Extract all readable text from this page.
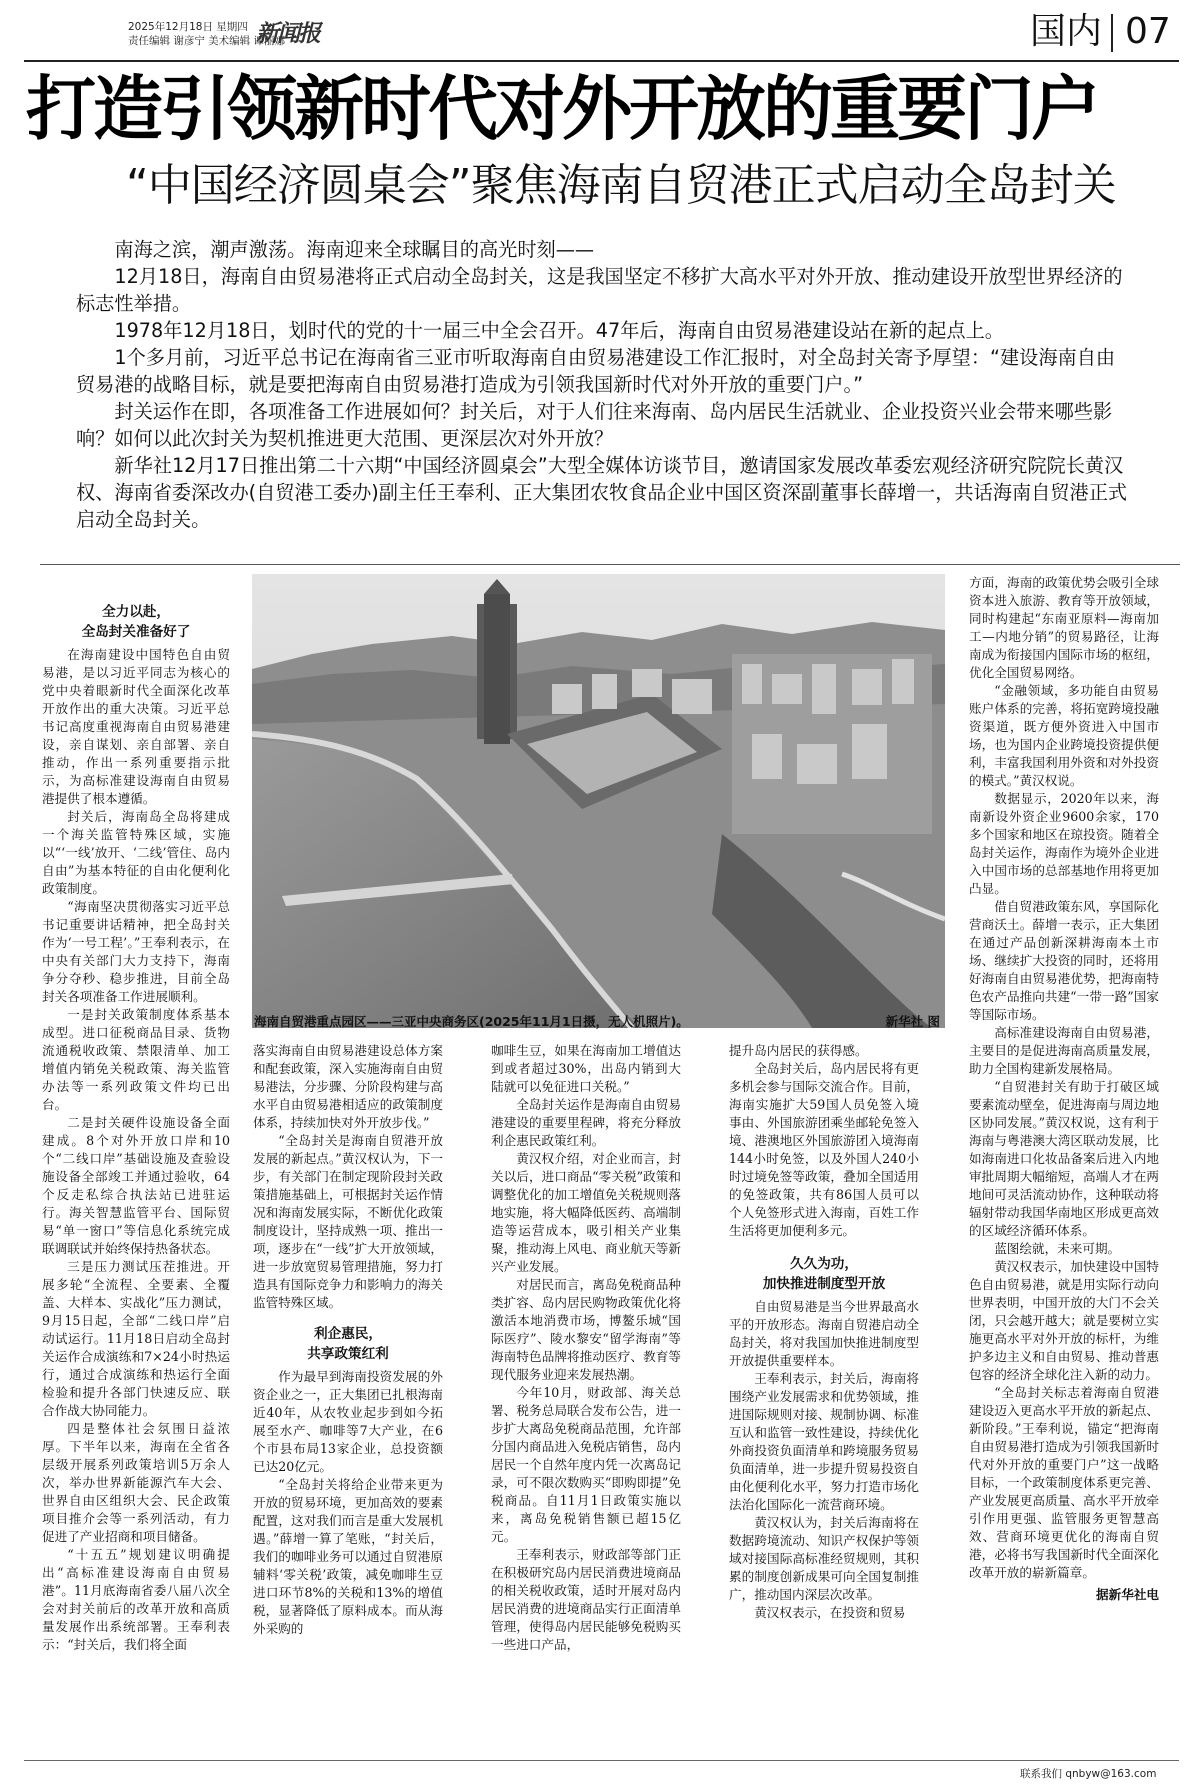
2025年12月18日 星期四
责任编辑 谢彦宁 美术编辑 谭丽娜
新闻报	国内 07
打造引领新时代对外开放的重要门户
“中国经济圆桌会”聚焦海南自贸港正式启动全岛封关

南海之滨，潮声激荡。海南迎来全球瞩目的高光时刻——

12月18日，海南自由贸易港将正式启动全岛封关，这是我国坚定不移扩大高水平对外开放、推动建设开放型世界经济的标志性举措。

1978年12月18日，划时代的党的十一届三中全会召开。47年后，海南自由贸易港建设站在新的起点上。

1个多月前，习近平总书记在海南省三亚市听取海南自由贸易港建设工作汇报时，对全岛封关寄予厚望：“建设海南自由贸易港的战略目标，就是要把海南自由贸易港打造成为引领我国新时代对外开放的重要门户。”

封关运作在即，各项准备工作进展如何？封关后，对于人们往来海南、岛内居民生活就业、企业投资兴业会带来哪些影响？如何以此次封关为契机推进更大范围、更深层次对外开放？

新华社12月17日推出第二十六期“中国经济圆桌会”大型全媒体访谈节目，邀请国家发展改革委宏观经济研究院院长黄汉权、海南省委深改办(自贸港工委办)副主任王奉利、正大集团农牧食品企业中国区资深副董事长薛增一，共话海南自贸港正式启动全岛封关。

海南自贸港重点园区——三亚中央商务区(2025年11月1日摄，无人机照片)。	新华社 图
全力以赴，
全岛封关准备好了

在海南建设中国特色自由贸易港，是以习近平同志为核心的党中央着眼新时代全面深化改革开放作出的重大决策。习近平总书记高度重视海南自由贸易港建设，亲自谋划、亲自部署、亲自推动，作出一系列重要指示批示，为高标准建设海南自由贸易港提供了根本遵循。

封关后，海南岛全岛将建成一个海关监管特殊区域，实施以“‘一线’放开、‘二线’管住、岛内自由”为基本特征的自由化便利化政策制度。

“海南坚决贯彻落实习近平总书记重要讲话精神，把全岛封关作为‘一号工程’。”王奉利表示，在中央有关部门大力支持下，海南争分夺秒、稳步推进，目前全岛封关各项准备工作进展顺利。

一是封关政策制度体系基本成型。进口征税商品目录、货物流通税收政策、禁限清单、加工增值内销免关税政策、海关监管办法等一系列政策文件均已出台。

二是封关硬件设施设备全面建成。8个对外开放口岸和10个“二线口岸”基础设施及查验设施设备全部竣工并通过验收，64个反走私综合执法站已进驻运行。海关智慧监管平台、国际贸易“单一窗口”等信息化系统完成联调联试并始终保持热备状态。

三是压力测试压茬推进。开展多轮“全流程、全要素、全覆盖、大样本、实战化”压力测试，9月15日起，全部“二线口岸”启动试运行。11月18日启动全岛封关运作合成演练和7×24小时热运行，通过合成演练和热运行全面检验和提升各部门快速反应、联合作战大协同能力。

四是整体社会氛围日益浓厚。下半年以来，海南在全省各层级开展系列政策培训5万余人次，举办世界新能源汽车大会、世界自由区组织大会、民企政策项目推介会等一系列活动，有力促进了产业招商和项目储备。

“十五五”规划建议明确提出“高标准建设海南自由贸易港”。11月底海南省委八届八次全会对封关前后的改革开放和高质量发展作出系统部署。王奉利表示：“封关后，我们将全面

落实海南自由贸易港建设总体方案和配套政策，深入实施海南自由贸易港法，分步骤、分阶段构建与高水平自由贸易港相适应的政策制度体系，持续加快对外开放步伐。”

“全岛封关是海南自贸港开放发展的新起点。”黄汉权认为，下一步，有关部门在制定现阶段封关政策措施基础上，可根据封关运作情况和海南发展实际，不断优化政策制度设计，坚持成熟一项、推出一项，逐步在“一线”扩大开放领域，进一步放宽贸易管理措施，努力打造具有国际竞争力和影响力的海关监管特殊区域。

利企惠民，
共享政策红利

作为最早到海南投资发展的外资企业之一，正大集团已扎根海南近40年，从农牧业起步到如今拓展至水产、咖啡等7大产业，在6个市县布局13家企业，总投资额已达20亿元。

“全岛封关将给企业带来更为开放的贸易环境，更加高效的要素配置，这对我们而言是重大发展机遇。”薛增一算了笔账，“封关后，我们的咖啡业务可以通过自贸港原辅料‘零关税’政策，减免咖啡生豆进口环节8%的关税和13%的增值税，显著降低了原料成本。而从海外采购的

咖啡生豆，如果在海南加工增值达到或者超过30%，出岛内销到大陆就可以免征进口关税。”

全岛封关运作是海南自由贸易港建设的重要里程碑，将充分释放利企惠民政策红利。

黄汉权介绍，对企业而言，封关以后，进口商品“零关税”政策和调整优化的加工增值免关税规则落地实施，将大幅降低医药、高端制造等运营成本，吸引相关产业集聚，推动海上风电、商业航天等新兴产业发展。

对居民而言，离岛免税商品种类扩容、岛内居民购物政策优化将激活本地消费市场，博鳌乐城“国际医疗”、陵水黎安“留学海南”等海南特色品牌将推动医疗、教育等现代服务业迎来发展热潮。

今年10月，财政部、海关总署、税务总局联合发布公告，进一步扩大离岛免税商品范围，允许部分国内商品进入免税店销售，岛内居民一个自然年度内凭一次离岛记录，可不限次数购买“即购即提”免税商品。自11月1日政策实施以来，离岛免税销售额已超15亿元。

王奉利表示，财政部等部门正在积极研究岛内居民消费进境商品的相关税收政策，适时开展对岛内居民消费的进境商品实行正面清单管理，使得岛内居民能够免税购买一些进口产品，

提升岛内居民的获得感。

全岛封关后，岛内居民将有更多机会参与国际交流合作。目前，海南实施扩大59国人员免签入境事由、外国旅游团乘坐邮轮免签入境、港澳地区外国旅游团入境海南144小时免签，以及外国人240小时过境免签等政策，叠加全国适用的免签政策，共有86国人员可以个人免签形式进入海南，百姓工作生活将更加便利多元。

久久为功，
加快推进制度型开放

自由贸易港是当今世界最高水平的开放形态。海南自贸港启动全岛封关，将对我国加快推进制度型开放提供重要样本。

王奉利表示，封关后，海南将围绕产业发展需求和优势领域，推进国际规则对接、规制协调、标准互认和监管一致性建设，持续优化外商投资负面清单和跨境服务贸易负面清单，进一步提升贸易投资自由化便利化水平，努力打造市场化法治化国际化一流营商环境。

黄汉权认为，封关后海南将在数据跨境流动、知识产权保护等领域对接国际高标准经贸规则，其积累的制度创新成果可向全国复制推广，推动国内深层次改革。

黄汉权表示，在投资和贸易

方面，海南的政策优势会吸引全球资本进入旅游、教育等开放领域，同时构建起“东南亚原料—海南加工—内地分销”的贸易路径，让海南成为衔接国内国际市场的枢纽，优化全国贸易网络。

“金融领域，多功能自由贸易账户体系的完善，将拓宽跨境投融资渠道，既方便外资进入中国市场，也为国内企业跨境投资提供便利，丰富我国利用外资和对外投资的模式。”黄汉权说。

数据显示，2020年以来，海南新设外资企业9600余家，170多个国家和地区在琼投资。随着全岛封关运作，海南作为境外企业进入中国市场的总部基地作用将更加凸显。

借自贸港政策东风，享国际化营商沃土。薛增一表示，正大集团在通过产品创新深耕海南本土市场、继续扩大投资的同时，还将用好海南自由贸易港优势，把海南特色农产品推向共建“一带一路”国家等国际市场。

高标准建设海南自由贸易港，主要目的是促进海南高质量发展，助力全国构建新发展格局。

“自贸港封关有助于打破区域要素流动壁垒，促进海南与周边地区协同发展。”黄汉权说，这有利于海南与粤港澳大湾区联动发展，比如海南进口化妆品备案后进入内地审批周期大幅缩短，高端人才在两地间可灵活流动协作，这种联动将辐射带动我国华南地区形成更高效的区域经济循环体系。

蓝图绘就，未来可期。

黄汉权表示，加快建设中国特色自由贸易港，就是用实际行动向世界表明，中国开放的大门不会关闭，只会越开越大；就是要树立实施更高水平对外开放的标杆，为维护多边主义和自由贸易、推动普惠包容的经济全球化注入新的动力。

“全岛封关标志着海南自贸港建设迈入更高水平开放的新起点、新阶段。”王奉利说，锚定“把海南自由贸易港打造成为引领我国新时代对外开放的重要门户”这一战略目标，一个政策制度体系更完善、产业发展更高质量、高水平开放牵引作用更强、监管服务更智慧高效、营商环境更优化的海南自贸港，必将书写我国新时代全面深化改革开放的崭新篇章。

据新华社电

联系我们 qnbyw@163.com
